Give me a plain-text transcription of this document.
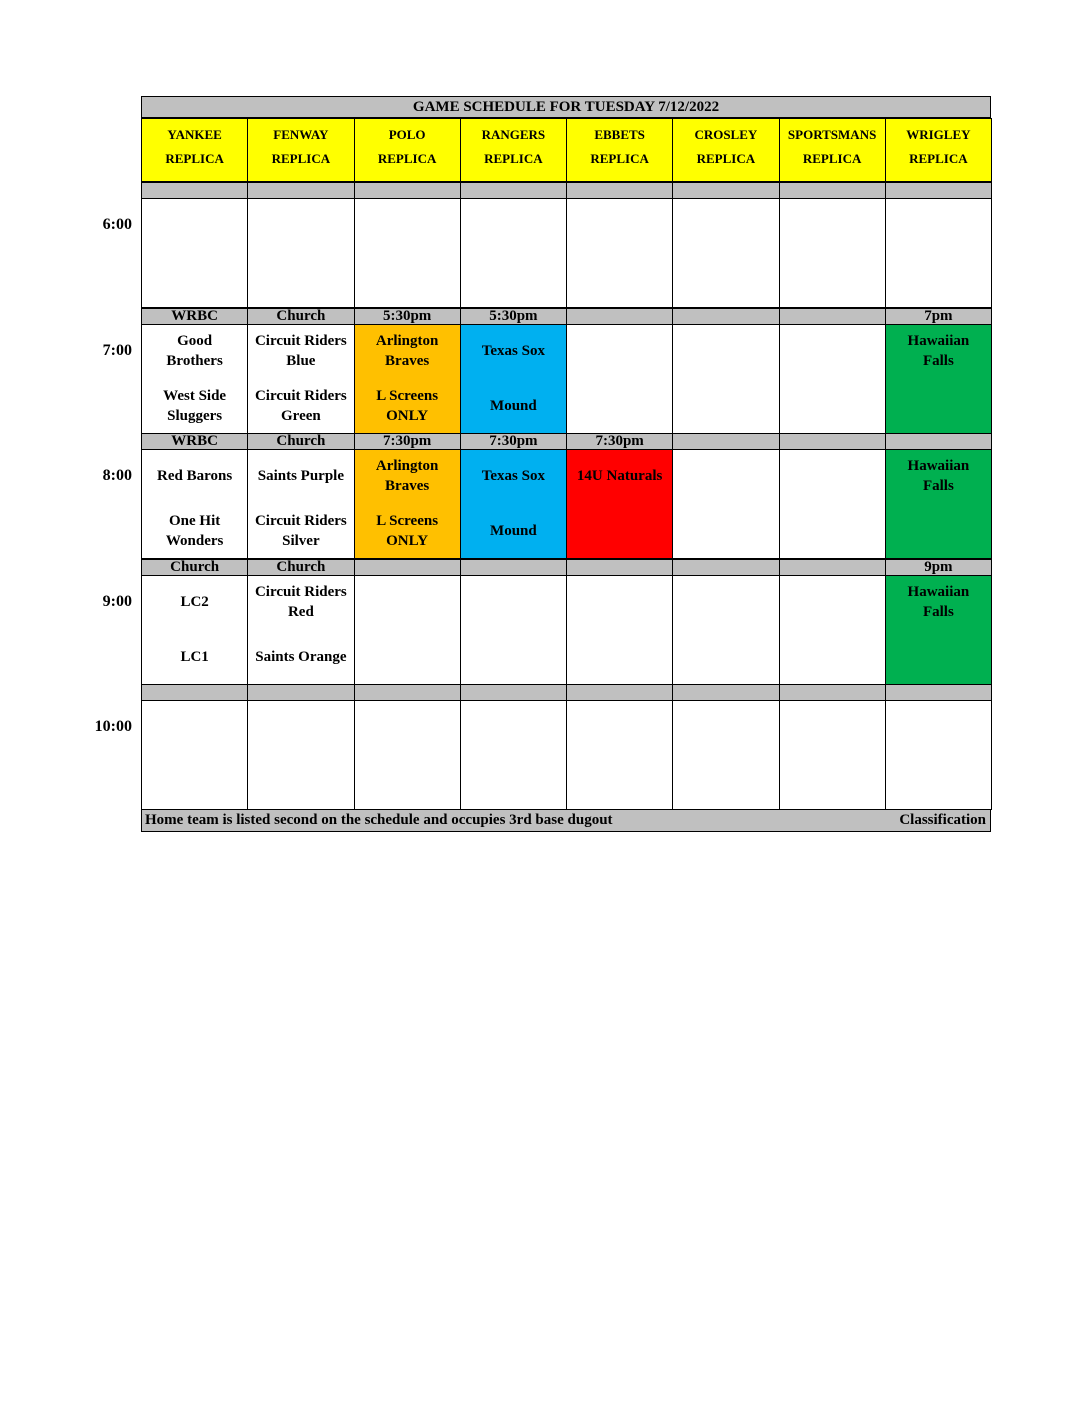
GAME SCHEDULE FOR TUESDAY 7/12/2022
YANKEE
REPLICA
FENWAY
REPLICA
POLO
REPLICA
RANGERS
REPLICA
EBBETS
REPLICA
CROSLEY
REPLICA
SPORTSMANS
REPLICA
WRIGLEY
REPLICA
6:00
7:00
WRBC
Good
Brothers
West Side
Sluggers
Church
Circuit Riders
Blue
Circuit Riders
Green
5:30pm
Arlington
Braves
L Screens
ONLY
5:30pm
Texas Sox
Mound
7pm
Hawaiian
Falls
8:00
WRBC
Red Barons
One Hit
Wonders
Church
Saints Purple
Circuit Riders
Silver
7:30pm
Arlington
Braves
L Screens
ONLY
7:30pm
Texas Sox
Mound
7:30pm
14U Naturals
Hawaiian
Falls
9:00
Church
LC2
LC1
Church
Circuit Riders
Red
Saints Orange
9pm
Hawaiian
Falls
10:00
Home team is listed second on the schedule and occupies 3rd base dugout	Classification
